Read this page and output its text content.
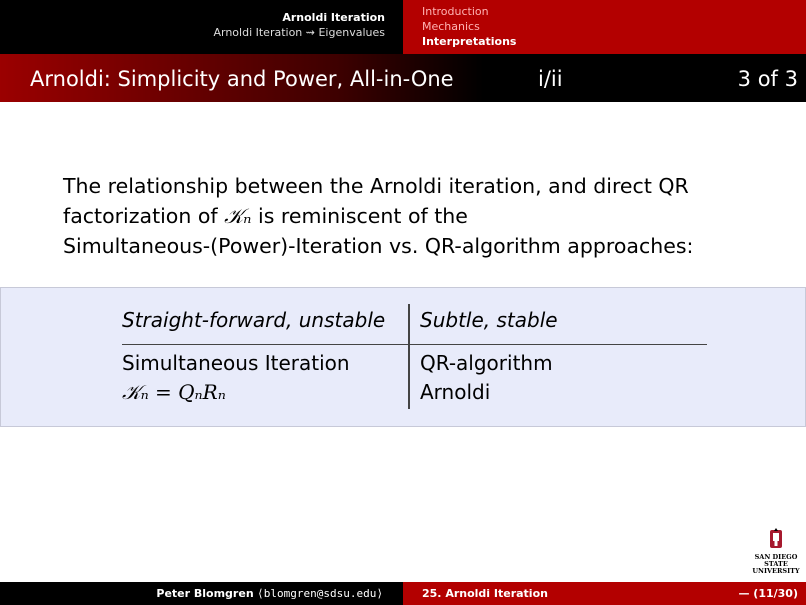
Arnoldi Iteration
Arnoldi Iteration ⇝ Eigenvalues
Introduction
Mechanics
Interpretations
Arnoldi: Simplicity and Power, All-in-One	i/ii	3 of 3
The relationship between the Arnoldi iteration, and direct QR
factorization of 𝒦ₙ is reminiscent of the
Simultaneous-(Power)-Iteration vs. QR-algorithm approaches:
Straight-forward, unstable	Subtle, stable
Simultaneous Iteration	QR-algorithm
𝒦ₙ = QₙRₙ	Arnoldi
SAN DIEGO STATE
UNIVERSITY
Peter Blomgren ⟨blomgren@sdsu.edu⟩	25. Arnoldi Iteration	— (11/30)
